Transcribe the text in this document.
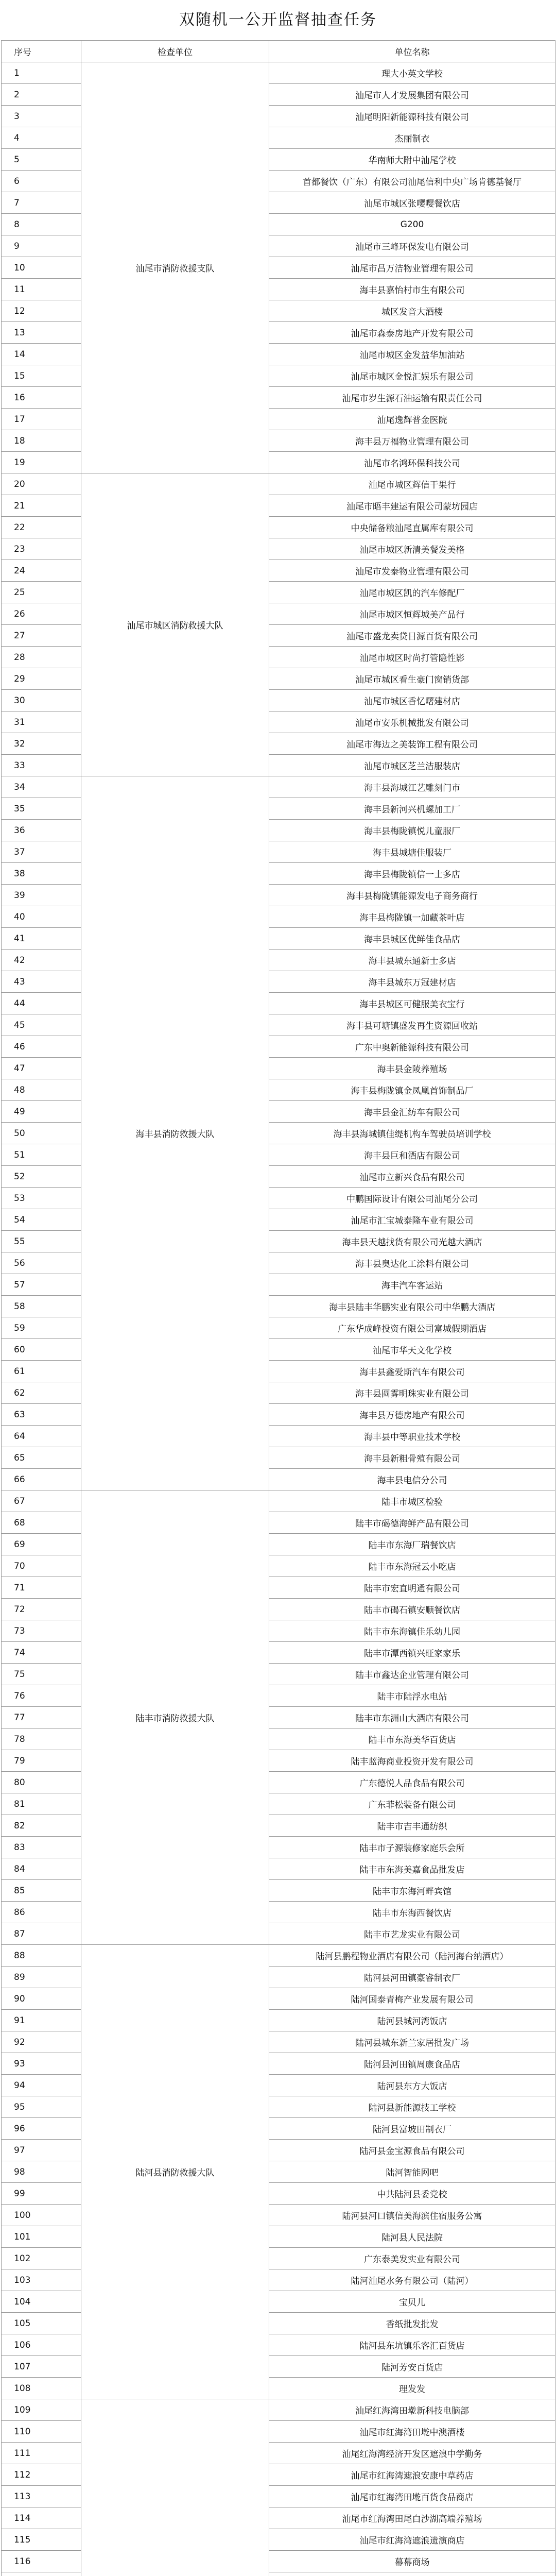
双随机一公开监督抽查任务
序号	检查单位	单位名称
1	汕尾市消防救援支队	理大小英文学校
2		汕尾市人才发展集团有限公司
3		汕尾明阳新能源科技有限公司
4		杰丽制衣
5		华南师大附中汕尾学校
6		首都餐饮（广东）有限公司汕尾信利中央广场肯德基餐厅
7		汕尾市城区张嘤嘤餐饮店
8		G200
9		汕尾市三峰环保发电有限公司
10		汕尾市昌万洁物业管理有限公司
11		海丰县嘉怡村市生有限公司
12		城区发音大酒楼
13		汕尾市森泰房地产开发有限公司
14		汕尾市城区金发益华加油站
15		汕尾市城区金悦汇娱乐有限公司
16		汕尾市岁生源石油运输有限责任公司
17		汕尾逸辉普金医院
18		海丰县万福物业管理有限公司
19		汕尾市名鸿环保科技公司
20	汕尾市城区消防救援大队	汕尾市城区辉信干果行
21		汕尾市晤丰建运有限公司蒙坊园店
22		中央储备粮汕尾直属库有限公司
23		汕尾市城区新清美餐发美格
24		汕尾市发泰物业管理有限公司
25		汕尾市城区凯的汽车修配厂
26		汕尾市城区恒辉城美产品行
27		汕尾市盛龙卖贷日源百货有限公司
28		汕尾市城区时尚打管隐性影
29		汕尾市城区看生豪门窗销货部
30		汕尾市城区香忆曙建材店
31		汕尾市安乐机械批发有限公司
32		汕尾市海边之美装饰工程有限公司
33		汕尾市城区芝兰洁服装店
34	海丰县消防救援大队	海丰县海城江艺雕刻门市
35		海丰县新河兴机螺加工厂
36		海丰县梅陇镇悦儿童服厂
37		海丰县城塘佳服装厂
38		海丰县梅陇镇信一士多店
39		海丰县梅陇镇能源发电子商务商行
40		海丰县梅陇镇一加藏茶叶店
41		海丰县城区优鲜佳食品店
42		海丰县城东通新士多店
43		海丰县城东万冠建材店
44		海丰县城区可健服美衣宝行
45		海丰县可塘镇盛发再生资源回收站
46		广东中奥新能源科技有限公司
47		海丰县金陵养殖场
48		海丰县梅陇镇金凤凰首饰制品厂
49		海丰县金汇纺车有限公司
50		海丰县海城镇佳缇机构车驾驶员培训学校
51		海丰县巨和酒店有限公司
52		汕尾市立新兴食品有限公司
53		中鹏国际设计有限公司汕尾分公司
54		汕尾市汇宝城泰隆车业有限公司
55		海丰县天越找货有限公司光越大酒店
56		海丰县奥达化工涂料有限公司
57		海丰汽车客运站
58		海丰县陆丰华鹏实业有限公司中华鹏大酒店
59		广东华成峰投资有限公司富城假期酒店
60		汕尾市华天文化学校
61		海丰县鑫爱斯汽车有限公司
62		海丰县圆雾明珠实业有限公司
63		海丰县万德房地产有限公司
64		海丰县中等职业技术学校
65		海丰县新粗骨殖有限公司
66		海丰县电信分公司
67	陆丰市消防救援大队	陆丰市城区检验
68		陆丰市碣德海鲜产品有限公司
69		陆丰市东海厂瑞餐饮店
70		陆丰市东海冠云小吃店
71		陆丰市宏直明通有限公司
72		陆丰市碣石镇安顺餐饮店
73		陆丰市东海镇佳乐幼儿园
74		陆丰市潭西镇兴旺家家乐
75		陆丰市鑫达企业管理有限公司
76		陆丰市陆浮水电站
77		陆丰市东洲山大酒店有限公司
78		陆丰市东海美华百货店
79		陆丰蓝海商业投资开发有限公司
80		广东德悦人品食品有限公司
81		广东菲松装备有限公司
82		陆丰市吉丰通纺织
83		陆丰市子源装修家庭乐会所
84		陆丰市东海美嘉食品批发店
85		陆丰市东海河畔宾馆
86		陆丰市东海西餐饮店
87		陆丰市艺龙实业有限公司
88	陆河县消防救援大队	陆河县鹏程物业酒店有限公司（陆河海台纳酒店）
89		陆河县河田镇豪睿制衣厂
90		陆河国泰青梅产业发展有限公司
91		陆河县城河湾饭店
92		陆河县城东新兰家居批发广场
93		陆河县河田镇周康食品店
94		陆河县东方大饭店
95		陆河县新能源技工学校
96		陆河县富坡田制衣厂
97		陆河县金宝源食品有限公司
98		陆河智能网吧
99		中共陆河县委党校
100		陆河县河口镇信美海滨住宿服务公寓
101		陆河县人民法院
102		广东泰美发实业有限公司
103		陆河汕尾水务有限公司（陆河）
104		宝贝儿
105		香纸批发批发
106		陆河县东坑镇乐客汇百货店
107		陆河芳安百货店
108		理发发
109		汕尾红海湾田墘新科技电脑部
110		汕尾市红海湾田墘中澳酒楼
111		汕尾红海湾经济开发区遮浪中学勤务
112		汕尾市红海湾遮浪安康中草药店
113		汕尾市红海湾田墘百货食品商店
114		汕尾市红海湾田尾白沙湖高端养殖场
115		汕尾市红海湾遮浪遗演商店
116		幕幕商场
